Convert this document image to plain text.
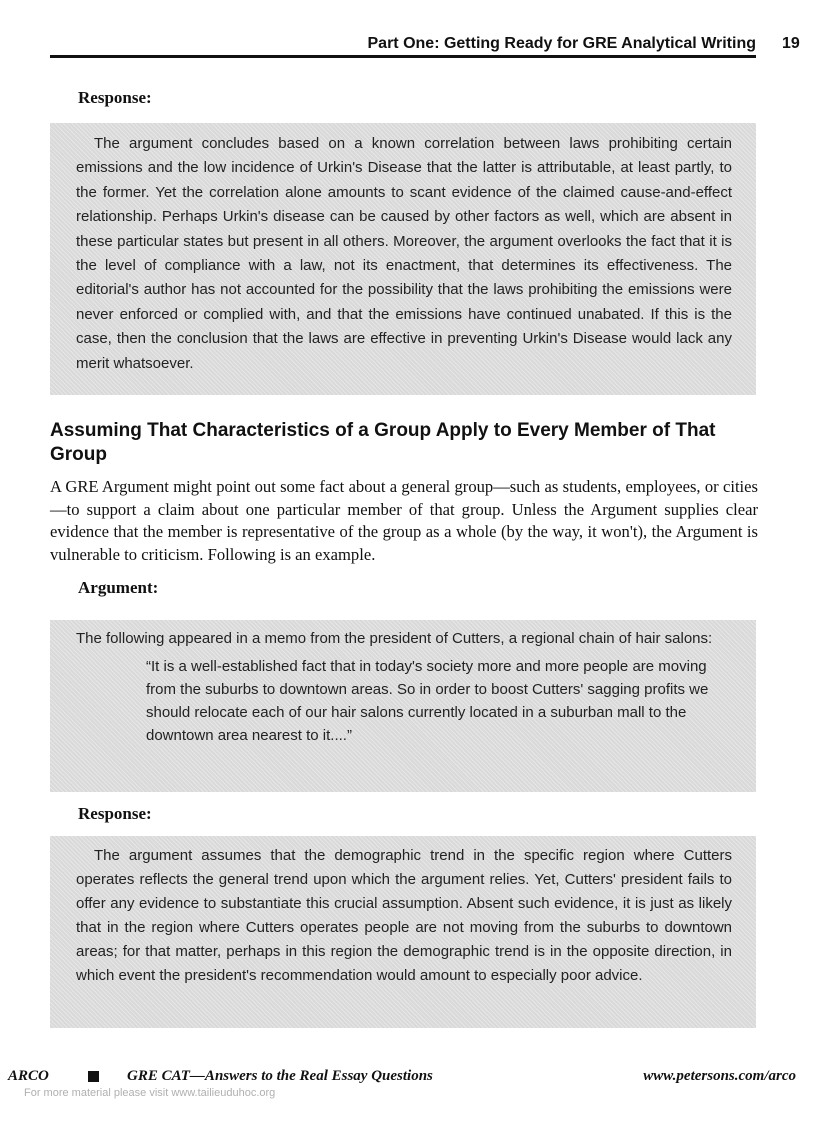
Part One: Getting Ready for GRE Analytical Writing 19
Response:

The argument concludes based on a known correlation between laws prohibiting certain emissions and the low incidence of Urkin's Disease that the latter is attributable, at least partly, to the former. Yet the correlation alone amounts to scant evidence of the claimed cause-and-effect relationship. Perhaps Urkin's disease can be caused by other factors as well, which are absent in these particular states but present in all others. Moreover, the argument overlooks the fact that it is the level of compliance with a law, not its enactment, that determines its effectiveness. The editorial's author has not accounted for the possibility that the laws prohibiting the emissions were never enforced or complied with, and that the emissions have continued unabated. If this is the case, then the conclusion that the laws are effective in preventing Urkin's Disease would lack any merit whatsoever.

Assuming That Characteristics of a Group Apply to Every Member of That Group

A GRE Argument might point out some fact about a general group—such as students, employees, or cities—to support a claim about one particular member of that group. Unless the Argument supplies clear evidence that the member is representative of the group as a whole (by the way, it won't), the Argument is vulnerable to criticism. Following is an example.

Argument:

The following appeared in a memo from the president of Cutters, a regional chain of hair salons:

“It is a well-established fact that in today's society more and more people are moving from the suburbs to downtown areas. So in order to boost Cutters' sagging profits we should relocate each of our hair salons currently located in a suburban mall to the downtown area nearest to it....”

Response:

The argument assumes that the demographic trend in the specific region where Cutters operates reflects the general trend upon which the argument relies. Yet, Cutters' president fails to offer any evidence to substantiate this crucial assumption. Absent such evidence, it is just as likely that in the region where Cutters operates people are not moving from the suburbs to downtown areas; for that matter, perhaps in this region the demographic trend is in the opposite direction, in which event the president's recommendation would amount to especially poor advice.

ARCO	GRE CAT—Answers to the Real Essay Questions	www.petersons.com/arco
For more material please visit www.tailieuduhoc.org
